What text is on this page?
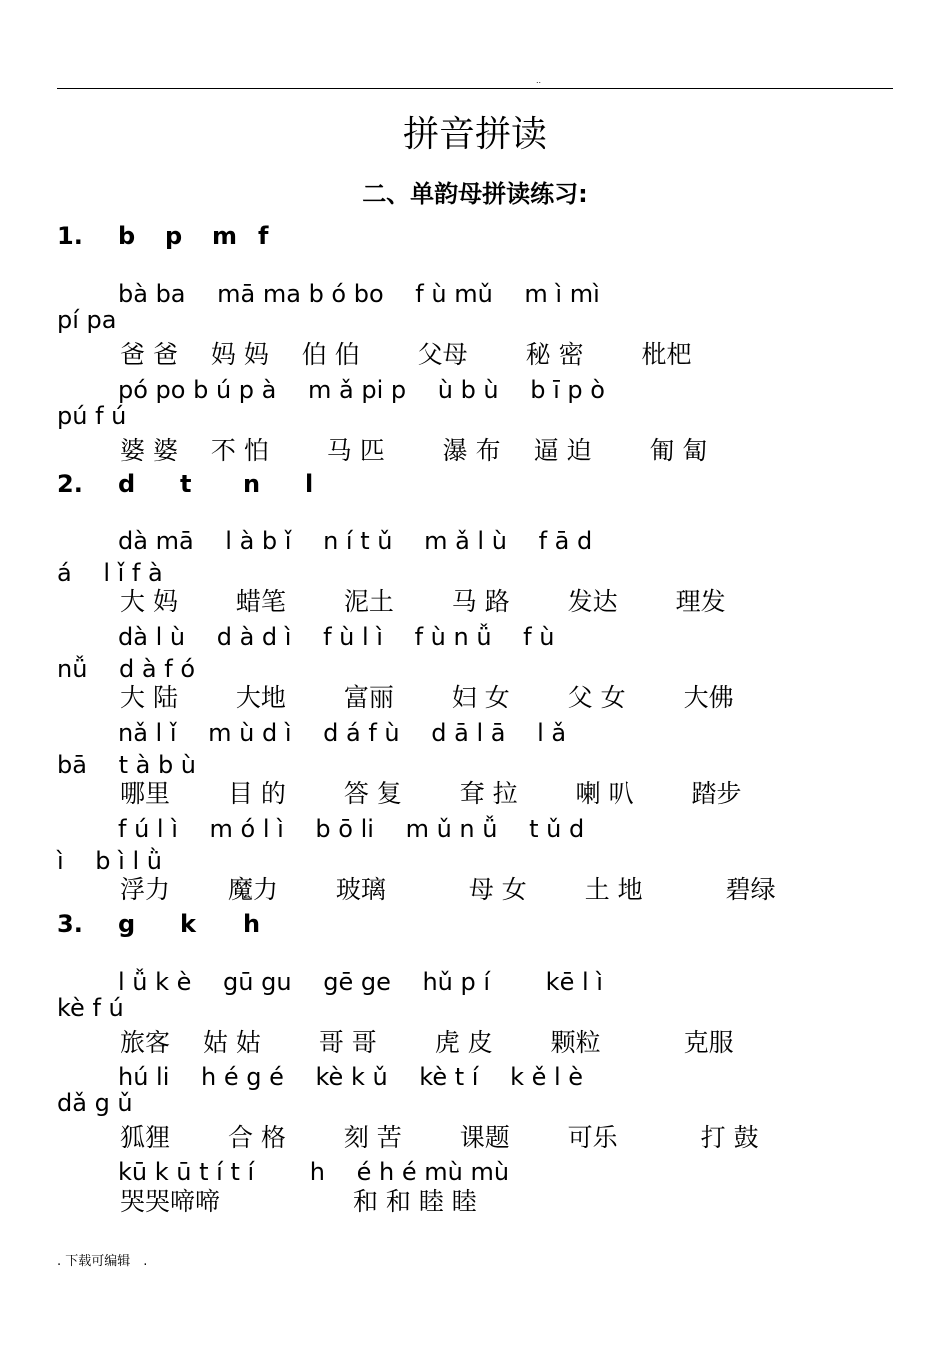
..
拼音拼读
二、单韵母拼读练习:
1. b p m f
bà ba　 mā ma b ó bo　 f ù mǔ　 m ì mì
pí pa
爸 爸　 妈 妈　 伯 伯　　 父母　　 秘 密　　 枇杷
pó po b ú p à　 m ǎ pi p　 ù b ù　 b ī p ò
pú f ú
婆 婆　 不 怕　　 马 匹　　 瀑 布　 逼 迫　　 匍 匐
2. d t n l
dà mā　 l à b ǐ　 n í t ǔ　 m ǎ l ù　 f ā d
á　 l ǐ f à
大 妈　　 蜡笔　　 泥土　　 马 路　　 发达　　 理发
dà l ù　 d à d ì　 f ù l ì　 f ù n ǚ　 f ù
nǚ　 d à f ó
大 陆　　 大地　　 富丽　　 妇 女　　 父 女　　 大佛
nǎ l ǐ　 m ù d ì　 d á f ù　 d ā l ā　 l ǎ
bā　 t à b ù
哪里　　 目 的　　 答 复　　 耷 拉　　 喇 叭　　 踏步
f ú l ì　 m ó l ì　 b ō li　 m ǔ n ǚ　 t ǔ d
ì　 b ì l ǜ
浮力　　 魔力　　 玻璃　　　 母 女　　 土 地　　　 碧绿
3. g k h
l ǚ k è　 gū gu　 gē ge　 hǔ p í　　 kē l ì
kè f ú
旅客　 姑 姑　　 哥 哥　　 虎 皮　　 颗粒　　　 克服
hú li　 h é g é　 kè k ǔ　 kè t í　 k ě l è
dǎ g ǔ
狐狸　　 合 格　　 刻 苦　　 课题　　 可乐　　　 打 鼓
kū k ū t í t í　　 h　 é h é mù mù
哭哭啼啼　　　　　 和 和 睦 睦
. 下载可编辑　.
